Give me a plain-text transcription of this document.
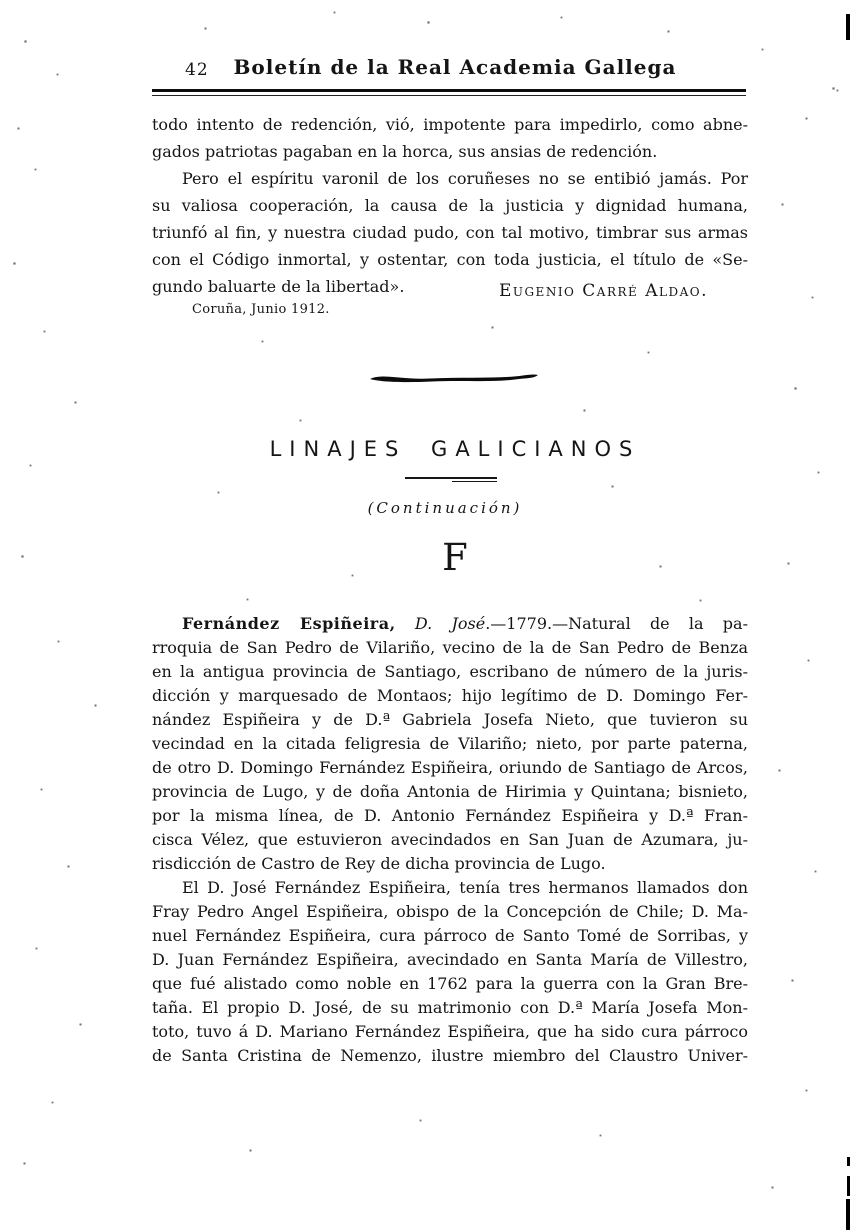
42	Boletín de la Real Academia Gallega
todo intento de redención, vió, impotente para impedirlo, como abne-
gados patriotas pagaban en la horca, sus ansias de redención.
Pero el espíritu varonil de los coruñeses no se entibió jamás. Por
su valiosa cooperación, la causa de la justicia y dignidad humana,
triunfó al fin, y nuestra ciudad pudo, con tal motivo, timbrar sus armas
con el Código inmortal, y ostentar, con toda justicia, el título de «Se-
gundo baluarte de la libertad».	Eugenio Carré Aldao.
Coruña, Junio 1912.
LINAJES GALICIANOS
(Continuación)
F
Fernández Espiñeira, D. José.—1779.—Natural de la pa-
rroquia de San Pedro de Vilariño, vecino de la de San Pedro de Benza
en la antigua provincia de Santiago, escribano de número de la juris-
dicción y marquesado de Montaos; hijo legítimo de D. Domingo Fer-
nández Espiñeira y de D.ª Gabriela Josefa Nieto, que tuvieron su
vecindad en la citada feligresia de Vilariño; nieto, por parte paterna,
de otro D. Domingo Fernández Espiñeira, oriundo de Santiago de Arcos,
provincia de Lugo, y de doña Antonia de Hirimia y Quintana; bisnieto,
por la misma línea, de D. Antonio Fernández Espiñeira y D.ª Fran-
cisca Vélez, que estuvieron avecindados en San Juan de Azumara, ju-
risdicción de Castro de Rey de dicha provincia de Lugo.
El D. José Fernández Espiñeira, tenía tres hermanos llamados don
Fray Pedro Angel Espiñeira, obispo de la Concepción de Chile; D. Ma-
nuel Fernández Espiñeira, cura párroco de Santo Tomé de Sorribas, y
D. Juan Fernández Espiñeira, avecindado en Santa María de Villestro,
que fué alistado como noble en 1762 para la guerra con la Gran Bre-
taña. El propio D. José, de su matrimonio con D.ª María Josefa Mon-
toto, tuvo á D. Mariano Fernández Espiñeira, que ha sido cura párroco
de Santa Cristina de Nemenzo, ilustre miembro del Claustro Univer-
